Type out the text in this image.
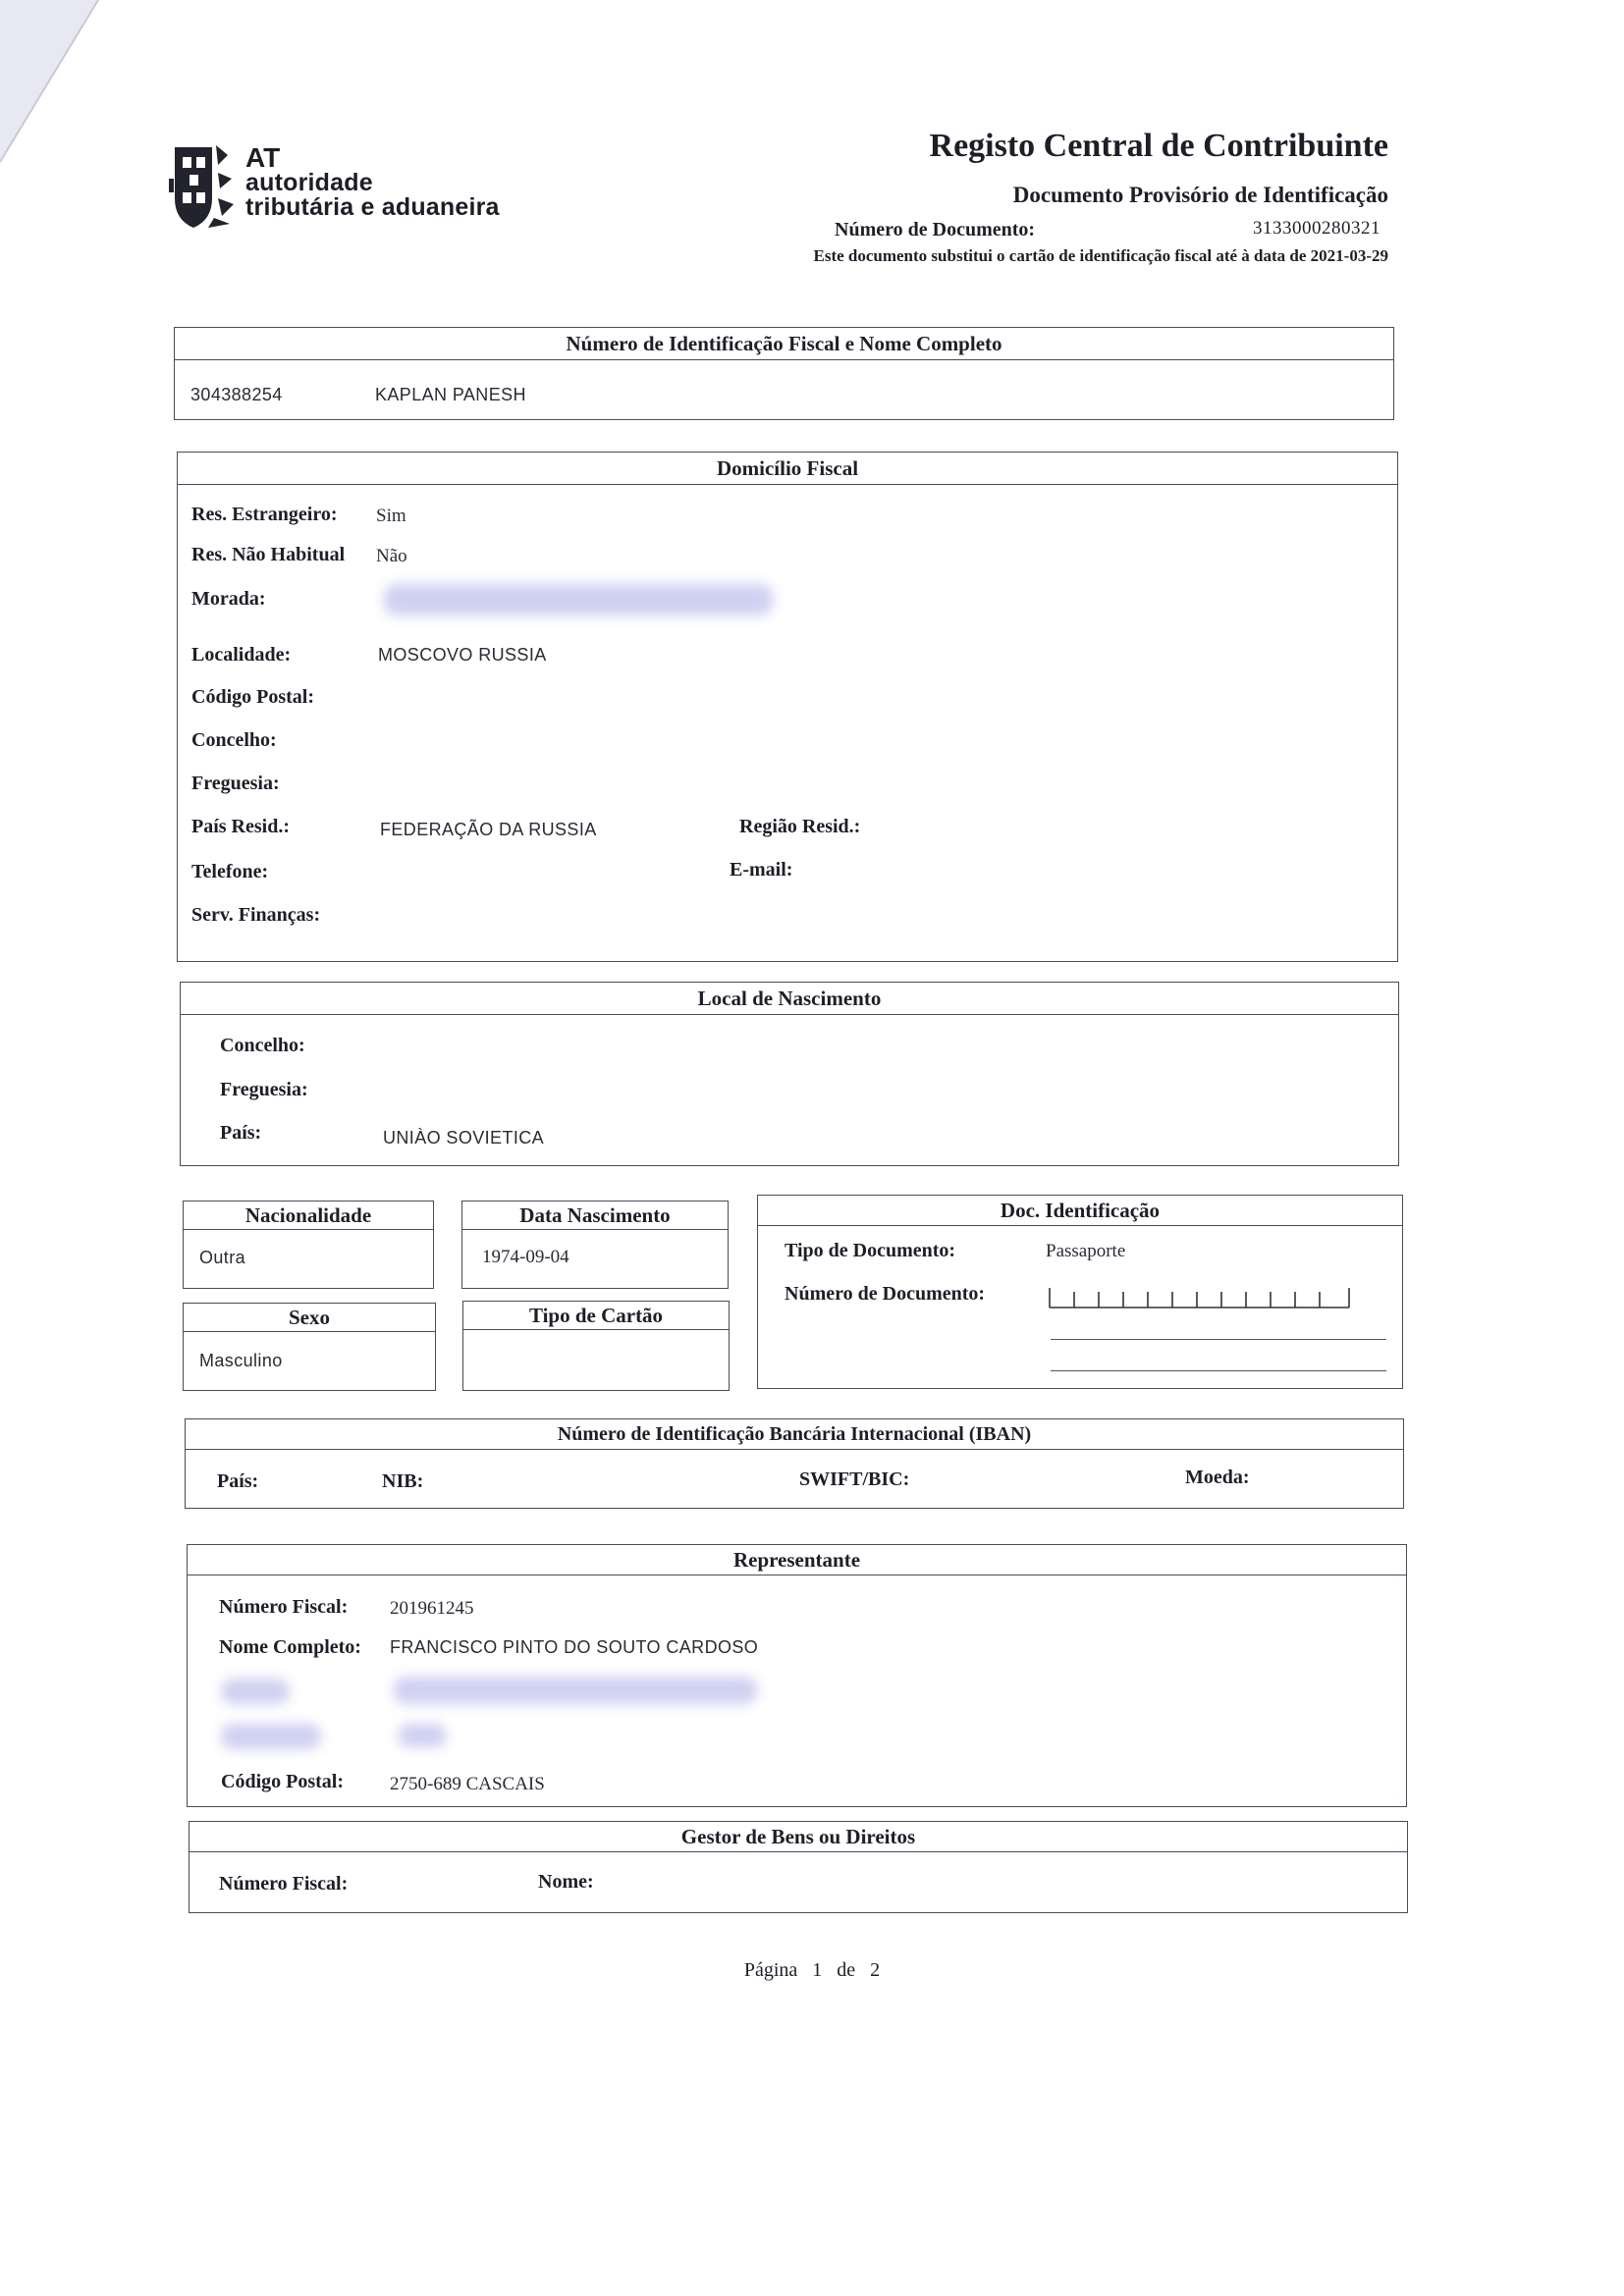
AT
autoridade
tributária e aduaneira
Registo Central de Contribuinte
Documento Provisório de Identificação
Número de Documento:	3133000280321
Este documento substitui o cartão de identificação fiscal até à data de 2021-03-29
Número de Identificação Fiscal e Nome Completo
304388254	KAPLAN PANESH
Domicílio Fiscal
Res. Estrangeiro: Sim
Res. Não Habitual Não
Morada:
Localidade:	MOSCOVO RUSSIA
Código Postal:
Concelho:
Freguesia:
País Resid.:	FEDERAÇÃO DA RUSSIA	Região Resid.:
Telefone:	E-mail:
Serv. Finanças:
Local de Nascimento
Concelho:
Freguesia:
País:	UNIÀO SOVIETICA
Nacionalidade
Outra
Data Nascimento
1974-09-04
Sexo
Masculino
Tipo de Cartão
Doc. Identificação
Tipo de Documento:	Passaporte
Número de Documento:
Número de Identificação Bancária Internacional (IBAN)
País:	NIB:	SWIFT/BIC:	Moeda:
Representante
Número Fiscal: 201961245
Nome Completo: FRANCISCO PINTO DO SOUTO CARDOSO
Código Postal: 2750-689 CASCAIS
Gestor de Bens ou Direitos
Número Fiscal:	Nome:
Página 1 de 2
